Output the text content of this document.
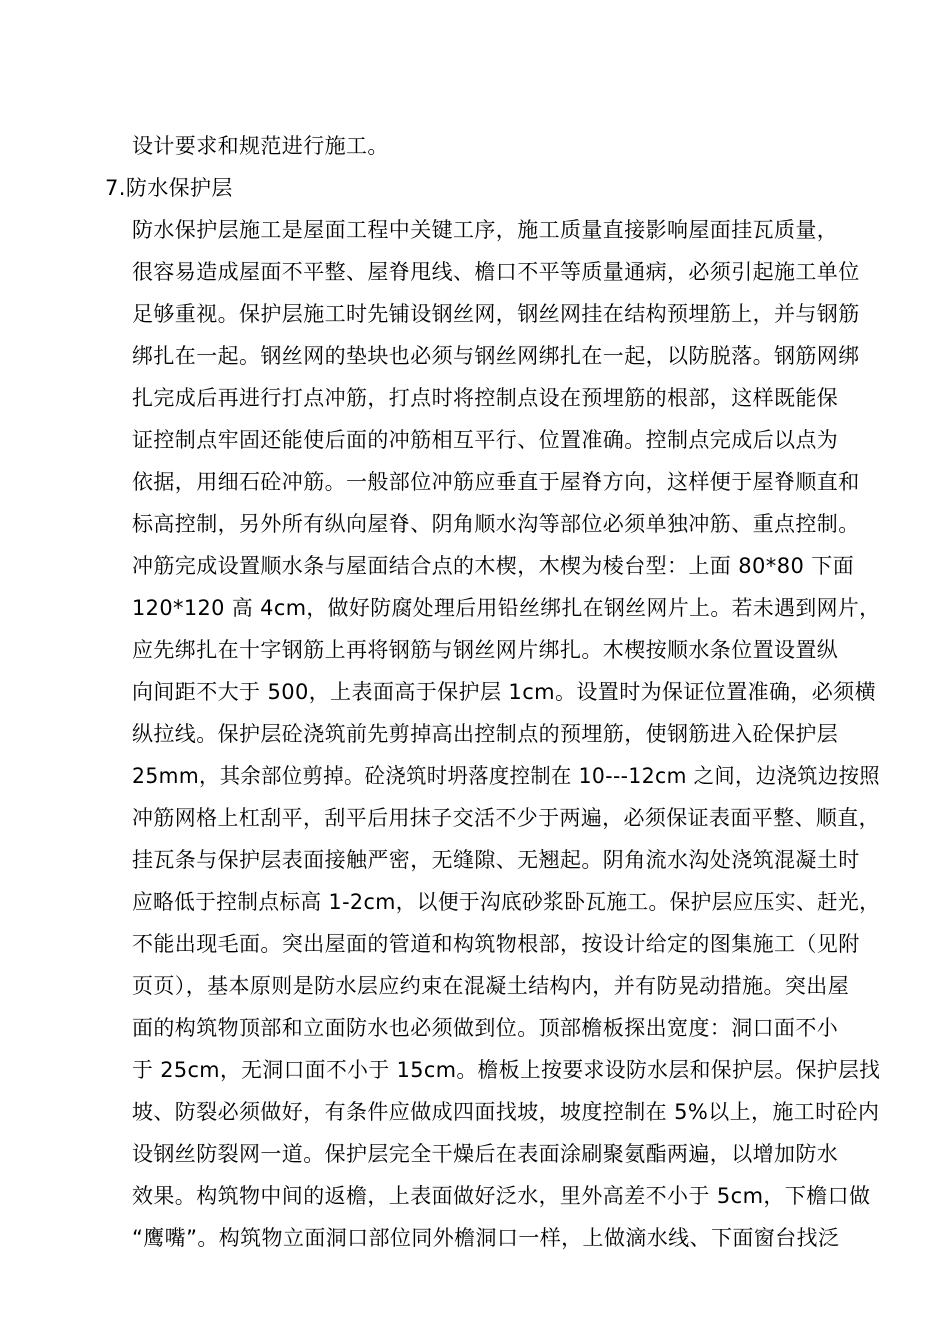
设计要求和规范进行施工。
7.防水保护层
防水保护层施工是屋面工程中关键工序，施工质量直接影响屋面挂瓦质量，
很容易造成屋面不平整、屋脊甩线、檐口不平等质量通病，必须引起施工单位
足够重视。保护层施工时先铺设钢丝网，钢丝网挂在结构预埋筋上，并与钢筋
绑扎在一起。钢丝网的垫块也必须与钢丝网绑扎在一起，以防脱落。钢筋网绑
扎完成后再进行打点冲筋，打点时将控制点设在预埋筋的根部，这样既能保
证控制点牢固还能使后面的冲筋相互平行、位置准确。控制点完成后以点为
依据，用细石砼冲筋。一般部位冲筋应垂直于屋脊方向，这样便于屋脊顺直和
标高控制，另外所有纵向屋脊、阴角顺水沟等部位必须单独冲筋、重点控制。
冲筋完成设置顺水条与屋面结合点的木楔，木楔为棱台型：上面 80*80 下面
120*120 高 4cm，做好防腐处理后用铅丝绑扎在钢丝网片上。若未遇到网片，
应先绑扎在十字钢筋上再将钢筋与钢丝网片绑扎。木楔按顺水条位置设置纵
向间距不大于 500，上表面高于保护层 1cm。设置时为保证位置准确，必须横
纵拉线。保护层砼浇筑前先剪掉高出控制点的预埋筋，使钢筋进入砼保护层
25mm，其余部位剪掉。砼浇筑时坍落度控制在 10---12cm 之间，边浇筑边按照
冲筋网格上杠刮平，刮平后用抹子交活不少于两遍，必须保证表面平整、顺直，
挂瓦条与保护层表面接触严密，无缝隙、无翘起。阴角流水沟处浇筑混凝土时
应略低于控制点标高 1-2cm，以便于沟底砂浆卧瓦施工。保护层应压实、赶光，
不能出现毛面。突出屋面的管道和构筑物根部，按设计给定的图集施工（见附
页页），基本原则是防水层应约束在混凝土结构内，并有防晃动措施。突出屋
面的构筑物顶部和立面防水也必须做到位。顶部檐板探出宽度：洞口面不小
于 25cm，无洞口面不小于 15cm。檐板上按要求设防水层和保护层。保护层找
坡、防裂必须做好，有条件应做成四面找坡，坡度控制在 5%以上，施工时砼内
设钢丝防裂网一道。保护层完全干燥后在表面涂刷聚氨酯两遍，以增加防水
效果。构筑物中间的返檐，上表面做好泛水，里外高差不小于 5cm，下檐口做
“鹰嘴”。构筑物立面洞口部位同外檐洞口一样，上做滴水线、下面窗台找泛
